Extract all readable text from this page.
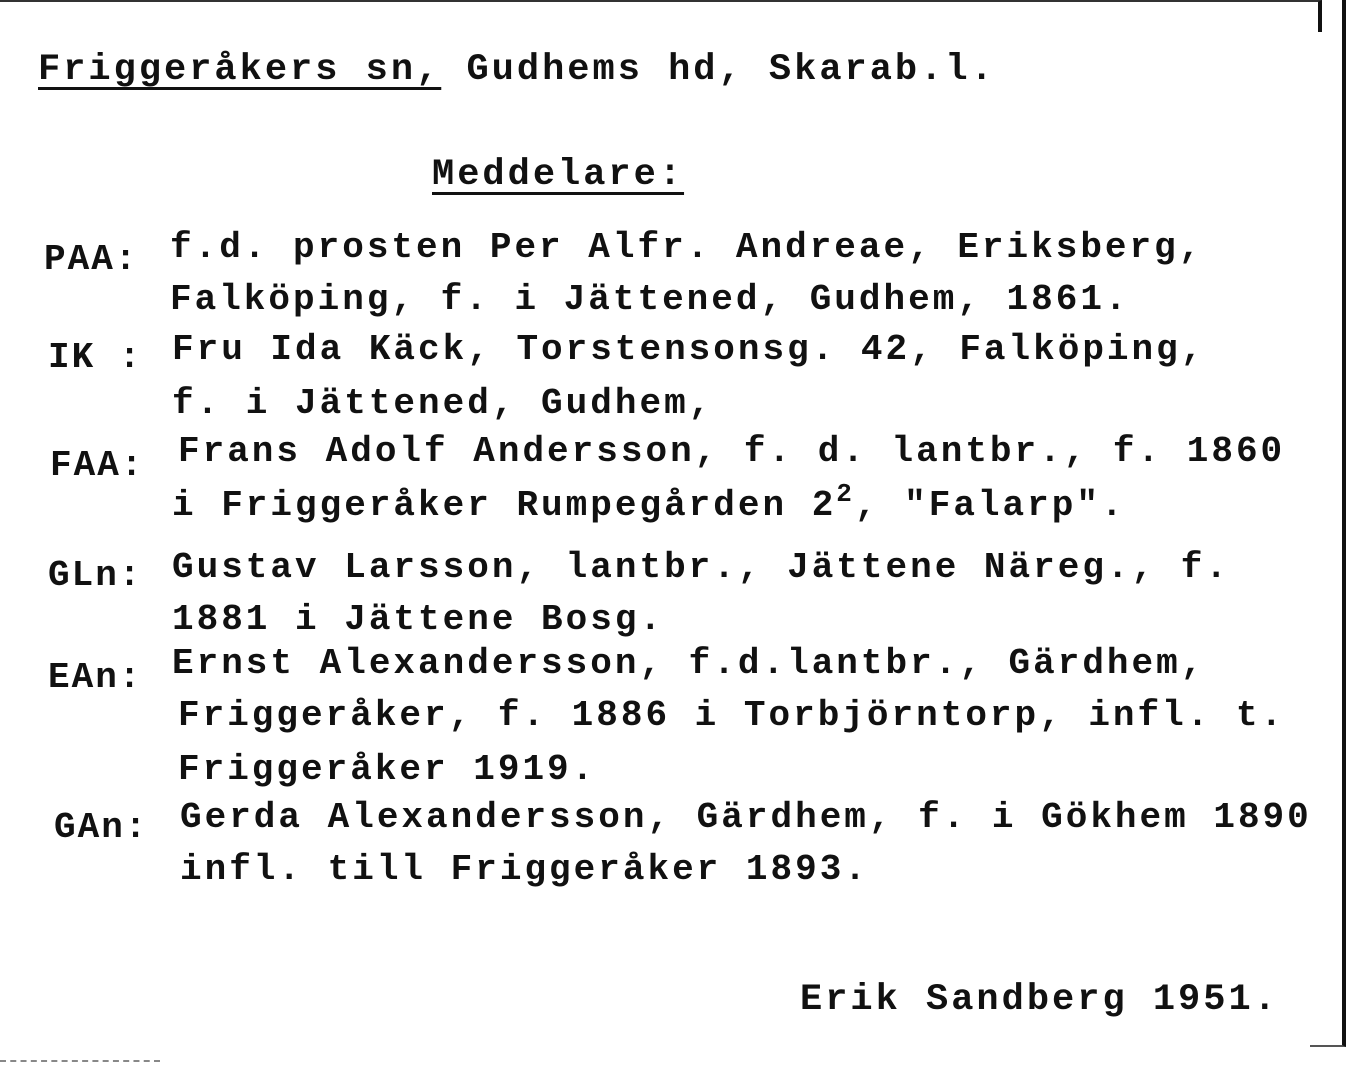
Friggeråkers sn, Gudhems hd, Skarab.l.
Meddelare:
PAA: f.d. prosten Per Alfr. Andreae, Eriksberg,
Falköping, f. i Jättened, Gudhem, 1861.
IK : Fru Ida Käck, Torstensonsg. 42, Falköping,
f. i Jättened, Gudhem,
FAA: Frans Adolf Andersson, f. d. lantbr., f. 1860
i Friggeråker Rumpegården $2^2$, "Falarp".
GLn: Gustav Larsson, lantbr., Jättene Näreg., f.
1881 i Jättene Bosg.
EAn: Ernst Alexandersson, f.d.lantbr., Gärdhem,
Friggeråker, f. 1886 i Torbjörntorp, infl. t.
Friggeråker 1919.
GAn: Gerda Alexandersson, Gärdhem, f. i Gökhem 1890
infl. till Friggeråker 1893.
Erik Sandberg 1951.
